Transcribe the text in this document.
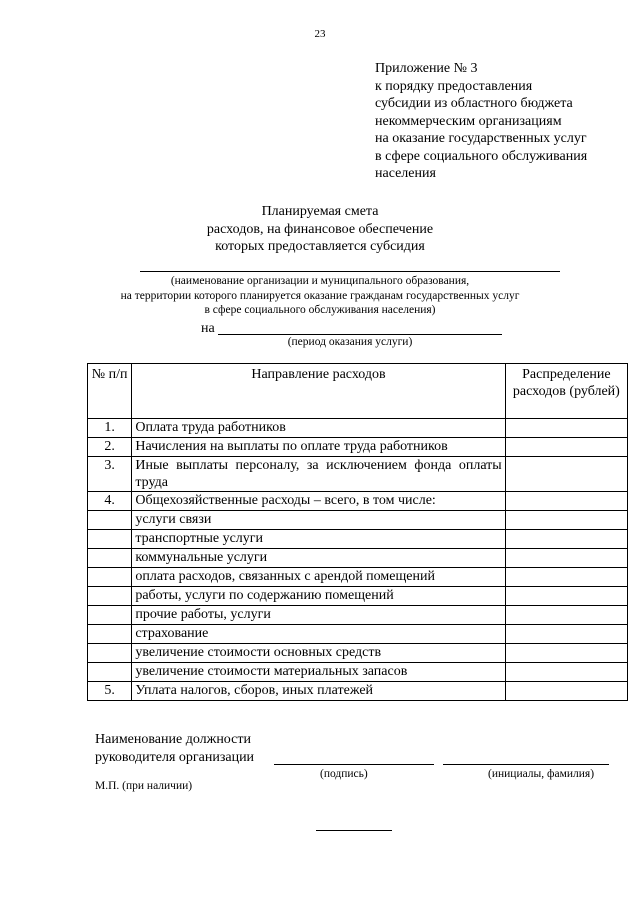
23
Приложение № 3
к порядку предоставления
субсидии из областного бюджета
некоммерческим организациям
на оказание государственных услуг
в сфере социального обслуживания
населения
Планируемая смета
расходов, на финансовое обеспечение
которых предоставляется субсидия
(наименование организации и муниципального образования,
на территории которого планируется оказание гражданам государственных услуг
в сфере социального обслуживания населения)
на
(период оказания услуги)
№ п/п	Направление расходов	Распределение расходов (рублей)
1.	Оплата труда работников	
2.	Начисления на выплаты по оплате труда работников	
3.	Иные выплаты персоналу, за исключением фонда оплаты труда	
4.	Общехозяйственные расходы – всего, в том числе:	
	услуги связи	
	транспортные услуги	
	коммунальные услуги	
	оплата расходов, связанных с арендой помещений	
	работы, услуги по содержанию помещений	
	прочие работы, услуги	
	страхование	
	увеличение стоимости основных средств	
	увеличение стоимости материальных запасов	
5.	Уплата налогов, сборов, иных платежей	
Наименование должности
руководителя организации
(подпись)	(инициалы, фамилия)
М.П. (при наличии)
